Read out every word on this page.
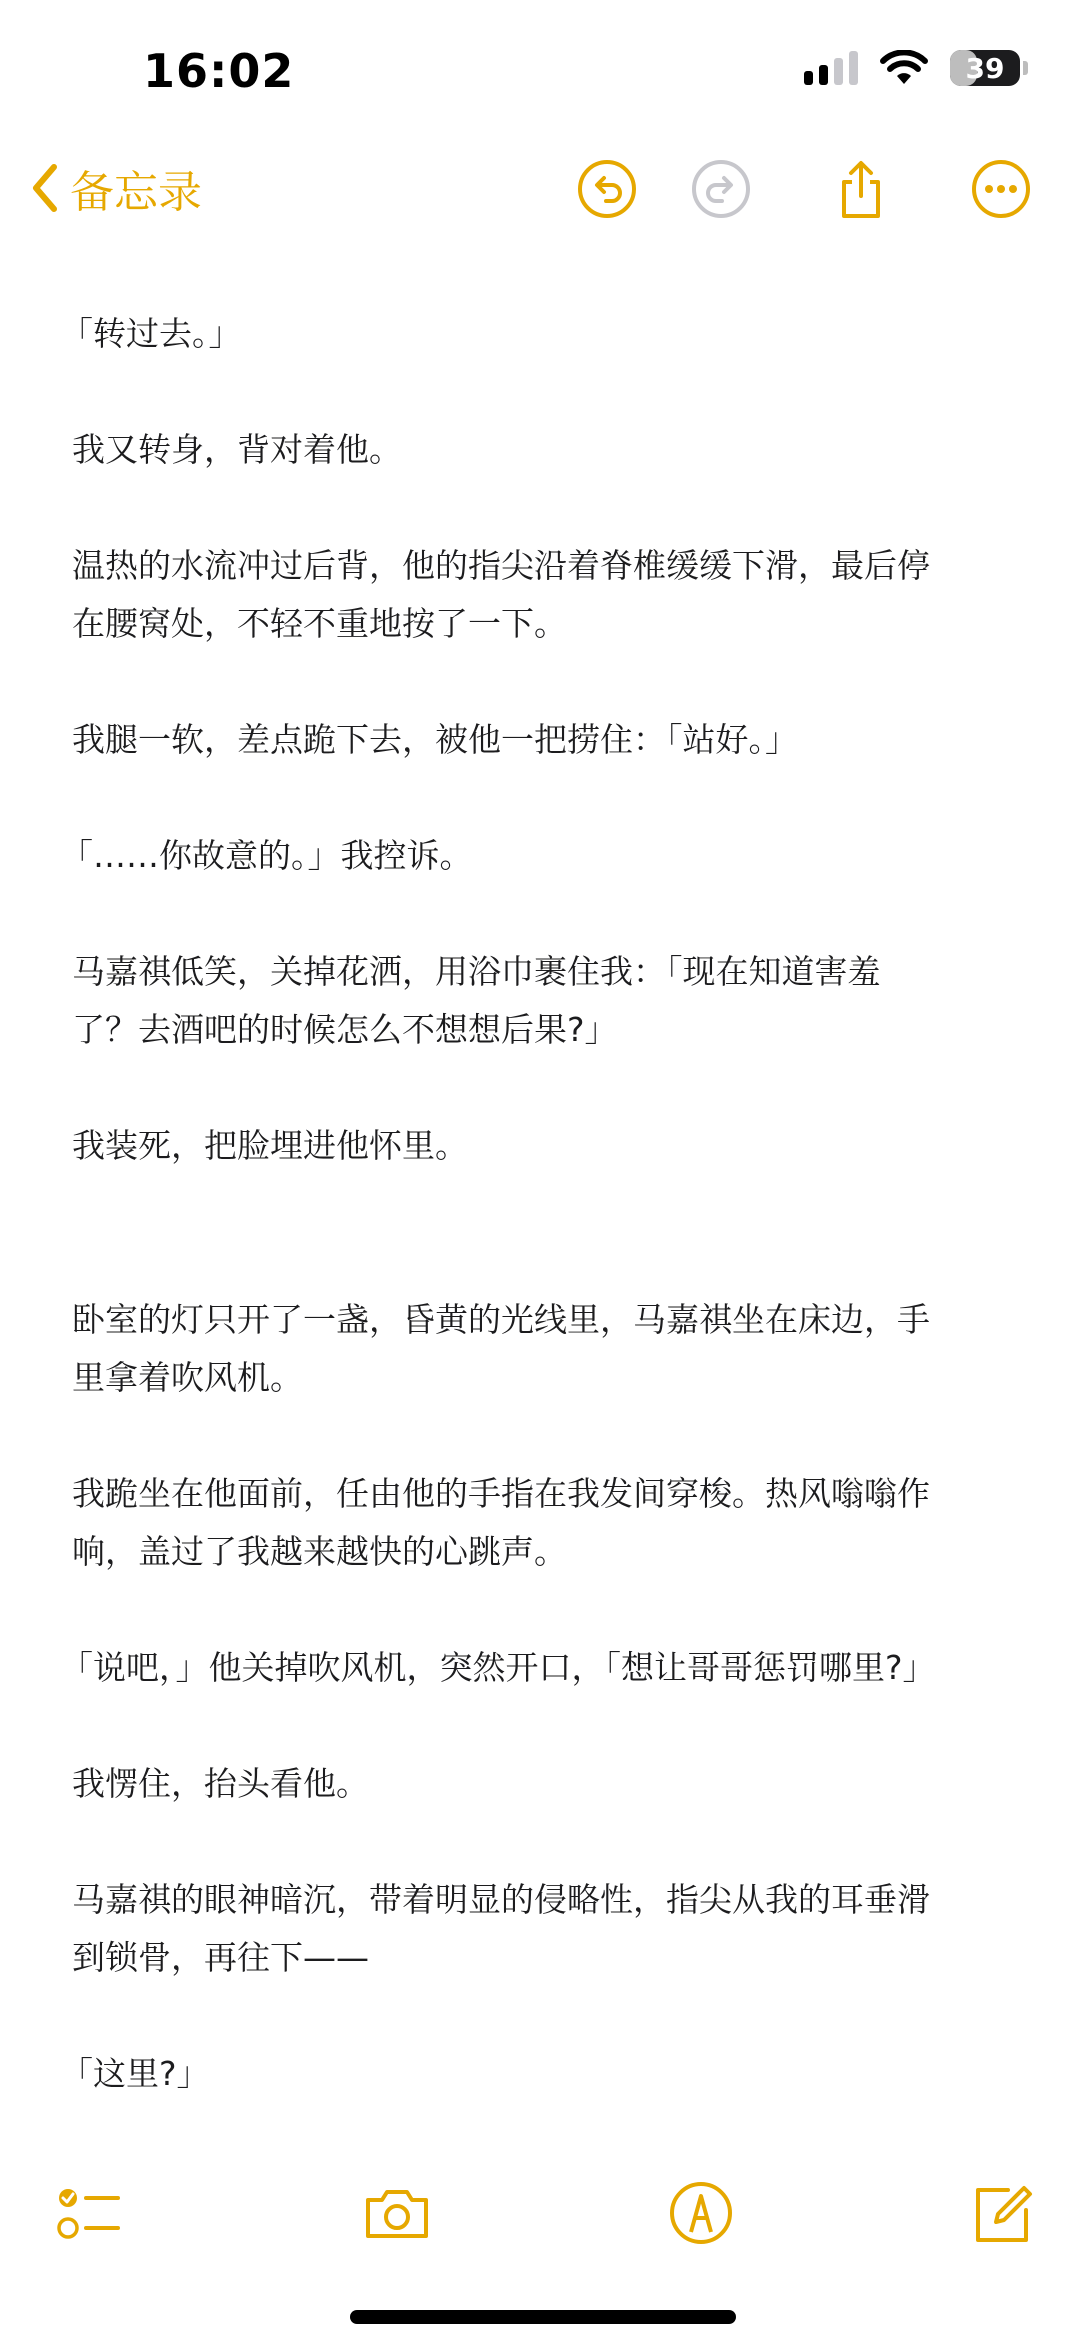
16:02	39
备忘录
「转过去。」
我又转身，背对着他。
温热的水流冲过后背，他的指尖沿着脊椎缓缓下滑，最后停
在腰窝处，不轻不重地按了一下。
我腿一软，差点跪下去，被他一把捞住：「站好。」
「……你故意的。」我控诉。
马嘉祺低笑，关掉花洒，用浴巾裹住我：「现在知道害羞
了？去酒吧的时候怎么不想想后果?」
我装死，把脸埋进他怀里。
卧室的灯只开了一盏，昏黄的光线里，马嘉祺坐在床边，手
里拿着吹风机。
我跪坐在他面前，任由他的手指在我发间穿梭。热风嗡嗡作
响，盖过了我越来越快的心跳声。
「说吧，」他关掉吹风机，突然开口，「想让哥哥惩罚哪里?」
我愣住，抬头看他。
马嘉祺的眼神暗沉，带着明显的侵略性，指尖从我的耳垂滑
到锁骨，再往下——
「这里?」
